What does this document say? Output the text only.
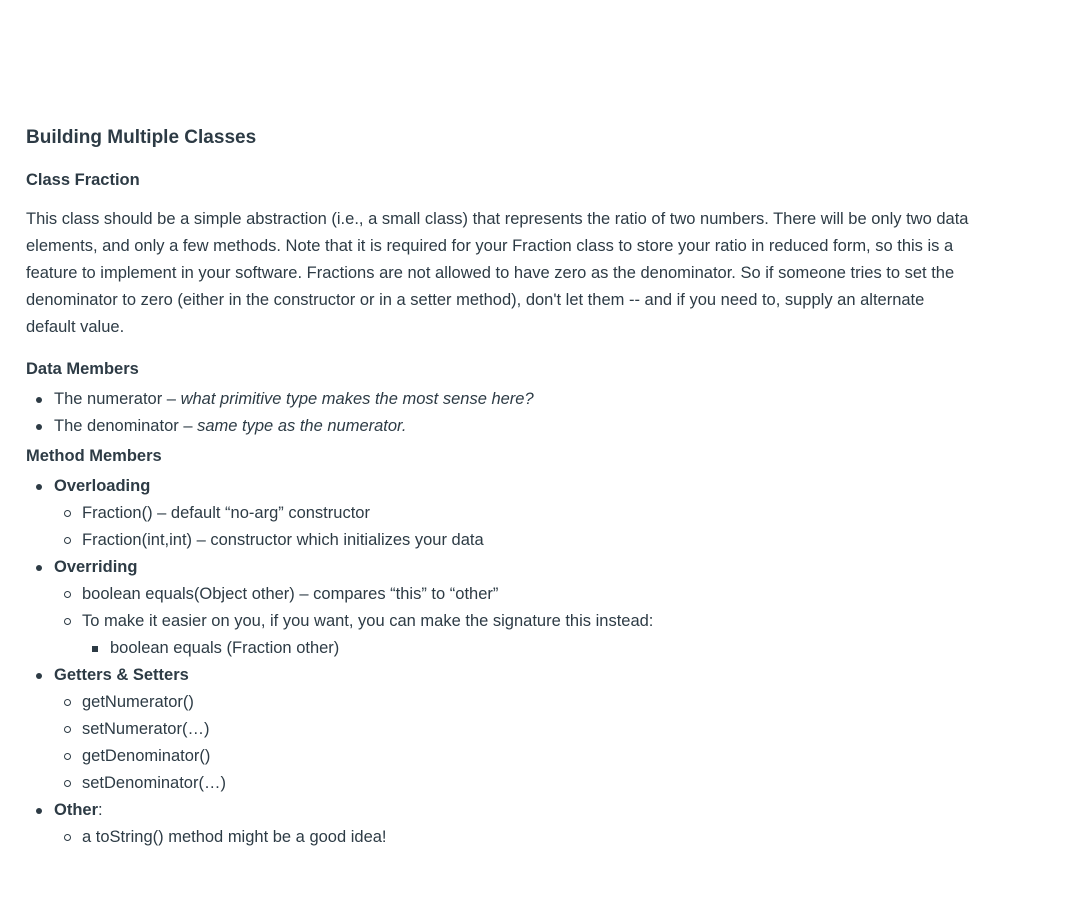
Building Multiple Classes
Class Fraction

This class should be a simple abstraction (i.e., a small class) that represents the ratio of two numbers. There will be only two data elements, and only a few methods. Note that it is required for your Fraction class to store your ratio in reduced form, so this is a feature to implement in your software. Fractions are not allowed to have zero as the denominator. So if someone tries to set the denominator to zero (either in the constructor or in a setter method), don't let them -- and if you need to, supply an alternate default value.

Data Members
The numerator – what primitive type makes the most sense here?
The denominator – same type as the numerator.
Method Members
Overloading
Fraction() – default “no-arg” constructor
Fraction(int,int) – constructor which initializes your data
Overriding
boolean equals(Object other) – compares “this” to “other”
To make it easier on you, if you want, you can make the signature this instead:
boolean equals (Fraction other)
Getters & Setters
getNumerator()
setNumerator(…)
getDenominator()
setDenominator(…)
Other:
a toString() method might be a good idea!
